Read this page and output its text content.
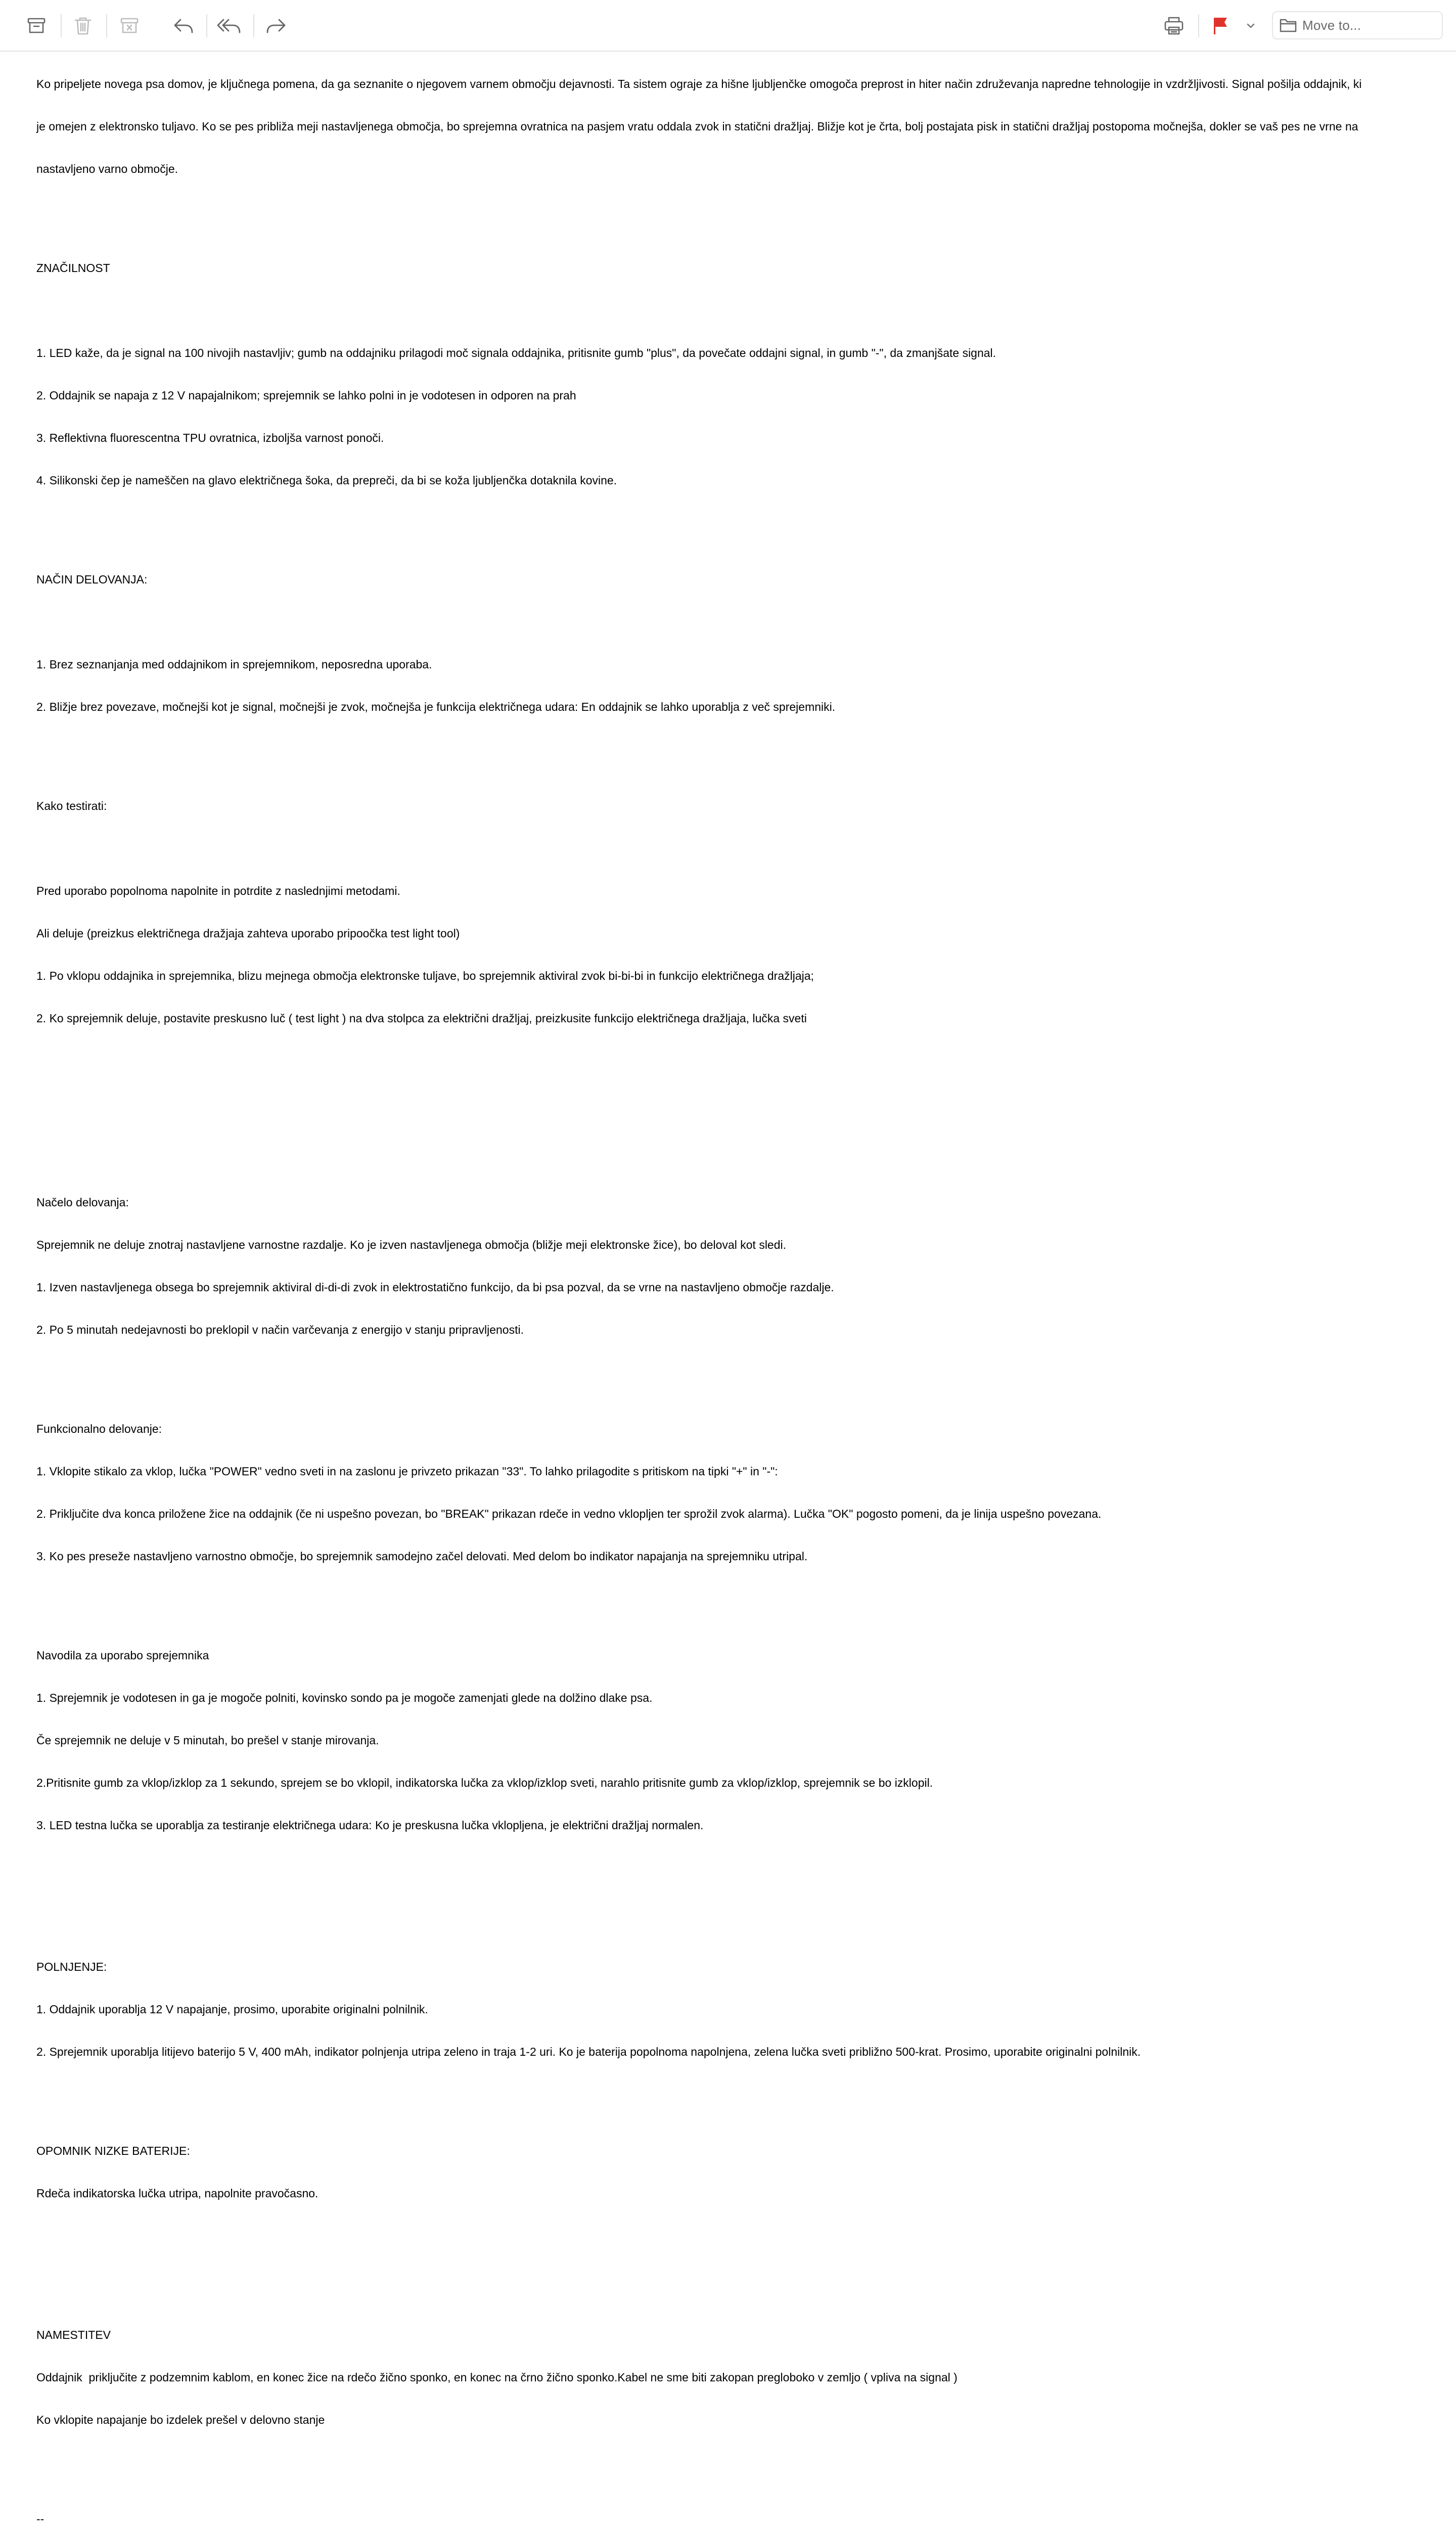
Move to...

Ko pripeljete novega psa domov, je ključnega pomena, da ga seznanite o njegovem varnem območju dejavnosti. Ta sistem ograje za hišne ljubljenčke omogoča preprost in hiter način združevanja napredne tehnologije in vzdržljivosti. Signal pošilja oddajnik, ki

je omejen z elektronsko tuljavo. Ko se pes približa meji nastavljenega območja, bo sprejemna ovratnica na pasjem vratu oddala zvok in statični dražljaj. Bližje kot je črta, bolj postajata pisk in statični dražljaj postopoma močnejša, dokler se vaš pes ne vrne na

nastavljeno varno območje.

ZNAČILNOST

1. LED kaže, da je signal na 100 nivojih nastavljiv; gumb na oddajniku prilagodi moč signala oddajnika, pritisnite gumb "plus", da povečate oddajni signal, in gumb "-", da zmanjšate signal.

2. Oddajnik se napaja z 12 V napajalnikom; sprejemnik se lahko polni in je vodotesen in odporen na prah

3. Reflektivna fluorescentna TPU ovratnica, izboljša varnost ponoči.

4. Silikonski čep je nameščen na glavo električnega šoka, da prepreči, da bi se koža ljubljenčka dotaknila kovine.

NAČIN DELOVANJA:

1. Brez seznanjanja med oddajnikom in sprejemnikom, neposredna uporaba.

2. Bližje brez povezave, močnejši kot je signal, močnejši je zvok, močnejša je funkcija električnega udara: En oddajnik se lahko uporablja z več sprejemniki.

Kako testirati:

Pred uporabo popolnoma napolnite in potrdite z naslednjimi metodami.

Ali deluje (preizkus električnega dražjaja zahteva uporabo pripoočka test light tool)

1. Po vklopu oddajnika in sprejemnika, blizu mejnega območja elektronske tuljave, bo sprejemnik aktiviral zvok bi-bi-bi in funkcijo električnega dražljaja;

2. Ko sprejemnik deluje, postavite preskusno luč ( test light ) na dva stolpca za električni dražljaj, preizkusite funkcijo električnega dražljaja, lučka sveti

Načelo delovanja:

Sprejemnik ne deluje znotraj nastavljene varnostne razdalje. Ko je izven nastavljenega območja (bližje meji elektronske žice), bo deloval kot sledi.

1. Izven nastavljenega obsega bo sprejemnik aktiviral di-di-di zvok in elektrostatično funkcijo, da bi psa pozval, da se vrne na nastavljeno območje razdalje.

2. Po 5 minutah nedejavnosti bo preklopil v način varčevanja z energijo v stanju pripravljenosti.

Funkcionalno delovanje:

1. Vklopite stikalo za vklop, lučka "POWER" vedno sveti in na zaslonu je privzeto prikazan "33". To lahko prilagodite s pritiskom na tipki "+" in "-":

2. Priključite dva konca priložene žice na oddajnik (če ni uspešno povezan, bo "BREAK" prikazan rdeče in vedno vklopljen ter sprožil zvok alarma). Lučka "OK" pogosto pomeni, da je linija uspešno povezana.

3. Ko pes preseže nastavljeno varnostno območje, bo sprejemnik samodejno začel delovati. Med delom bo indikator napajanja na sprejemniku utripal.

Navodila za uporabo sprejemnika

1. Sprejemnik je vodotesen in ga je mogoče polniti, kovinsko sondo pa je mogoče zamenjati glede na dolžino dlake psa.

Če sprejemnik ne deluje v 5 minutah, bo prešel v stanje mirovanja.

2.Pritisnite gumb za vklop/izklop za 1 sekundo, sprejem se bo vklopil, indikatorska lučka za vklop/izklop sveti, narahlo pritisnite gumb za vklop/izklop, sprejemnik se bo izklopil.

3. LED testna lučka se uporablja za testiranje električnega udara: Ko je preskusna lučka vklopljena, je električni dražljaj normalen.

POLNJENJE:

1. Oddajnik uporablja 12 V napajanje, prosimo, uporabite originalni polnilnik.

2. Sprejemnik uporablja litijevo baterijo 5 V, 400 mAh, indikator polnjenja utripa zeleno in traja 1-2 uri. Ko je baterija popolnoma napolnjena, zelena lučka sveti približno 500-krat. Prosimo, uporabite originalni polnilnik.

OPOMNIK NIZKE BATERIJE:

Rdeča indikatorska lučka utripa, napolnite pravočasno.

NAMESTITEV

Oddajnik  priključite z podzemnim kablom, en konec žice na rdečo žično sponko, en konec na črno žično sponko.Kabel ne sme biti zakopan pregloboko v zemljo ( vpliva na signal )

Ko vklopite napajanje bo izdelek prešel v delovno stanje

--
